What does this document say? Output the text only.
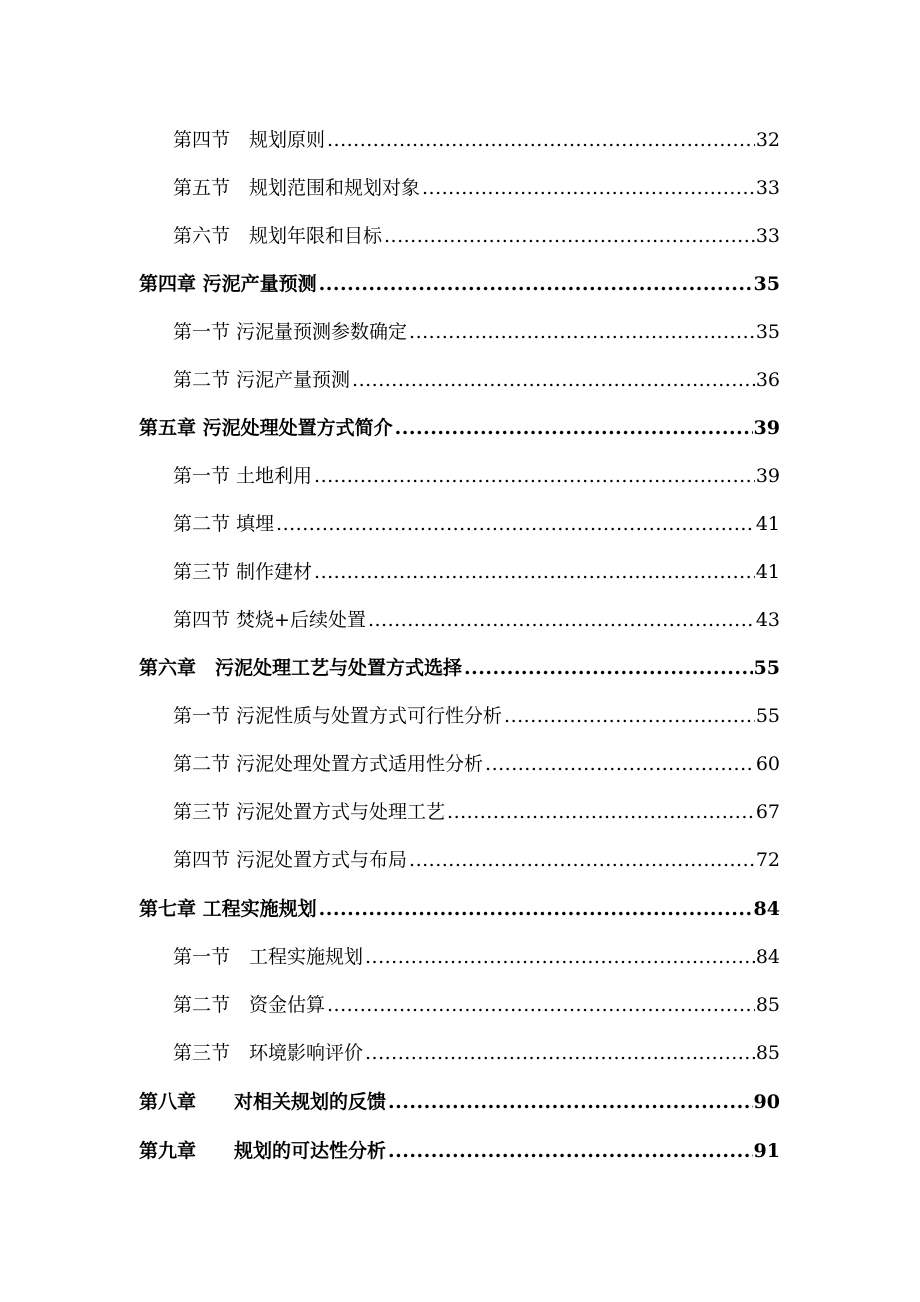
第四节　规划原则 .....	32
第五节　规划范围和规划对象 .....	33
第六节　规划年限和目标 .....	33
第四章 污泥产量预测 .....	35
第一节 污泥量预测参数确定 .....	35
第二节 污泥产量预测 .....	36
第五章 污泥处理处置方式简介 .....	39
第一节 土地利用 .....	39
第二节 填埋 .....	41
第三节 制作建材 .....	41
第四节 焚烧+后续处置 .....	43
第六章　污泥处理工艺与处置方式选择 .....	55
第一节 污泥性质与处置方式可行性分析 .....	55
第二节 污泥处理处置方式适用性分析 .....	60
第三节 污泥处置方式与处理工艺 .....	67
第四节 污泥处置方式与布局 .....	72
第七章 工程实施规划 .....	84
第一节　工程实施规划 .....	84
第二节　资金估算 .....	85
第三节　环境影响评价 .....	85
第八章　　对相关规划的反馈 .....	90
第九章　　规划的可达性分析 .....	91
